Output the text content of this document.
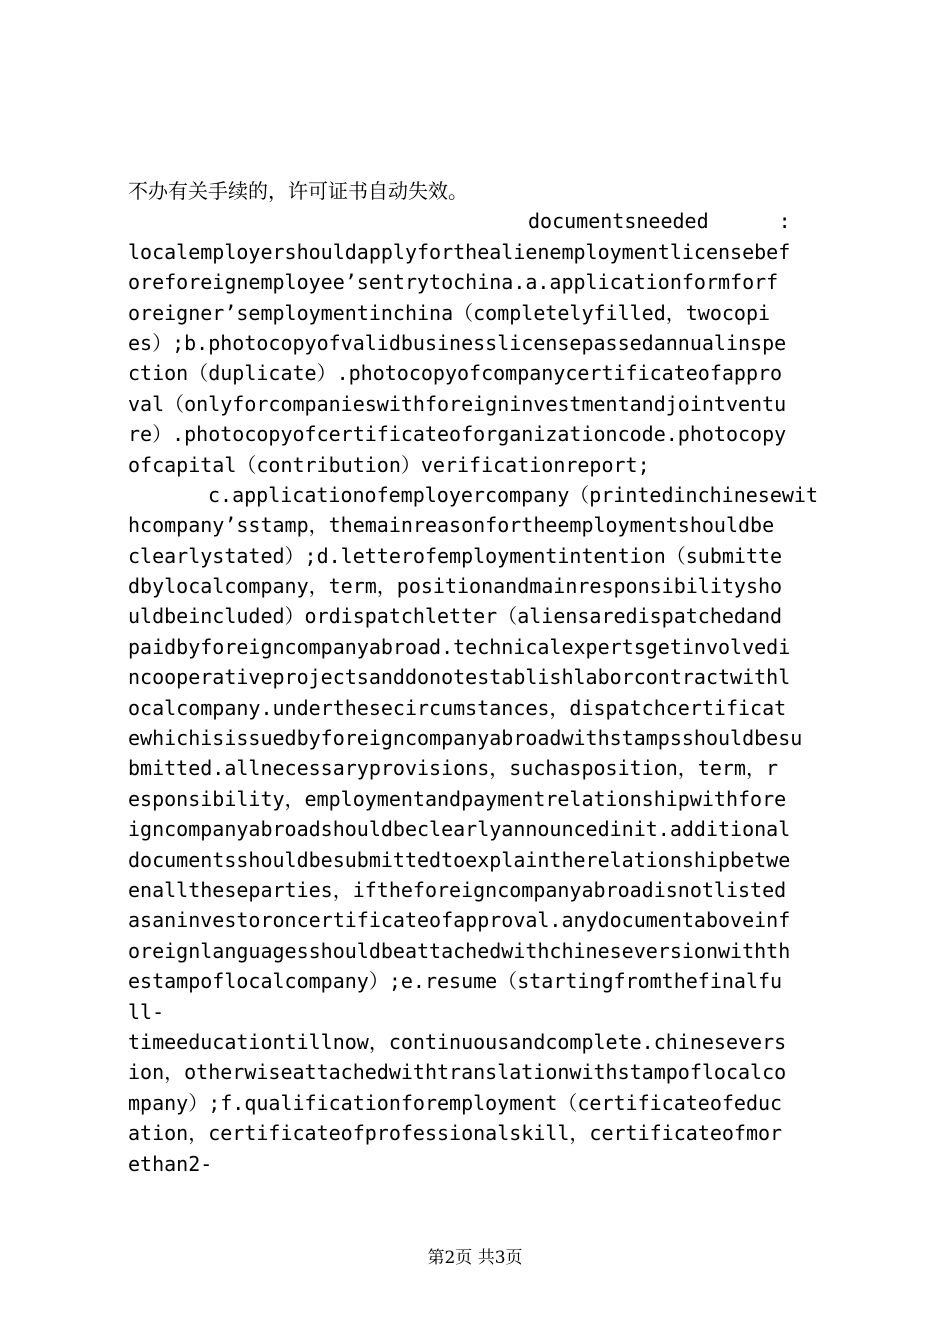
不办有关手续的，许可证书自动失效。
documentsneeded	:
localemployershouldapplyforthealienemploymentlicensebef
oreforeignemployee’sentrytochina.a.applicationformforf
oreigner’semploymentinchina（completelyfilled，twocopi
es）;b.photocopyofvalidbusinesslicensepassedannualinspe
ction（duplicate）.photocopyofcompanycertificateofappro
val（onlyforcompanieswithforeigninvestmentandjointventu
re）.photocopyofcertificateoforganizationcode.photocopy
ofcapital（contribution）verificationreport;
c.applicationofemployercompany（printedinchinesewit
hcompany’sstamp，themainreasonfortheemploymentshouldbe
clearlystated）;d.letterofemploymentintention（submitte
dbylocalcompany，term，positionandmainresponsibilitysho
uldbeincluded）ordispatchletter（aliensaredispatchedand
paidbyforeigncompanyabroad.technicalexpertsgetinvolvedi
ncooperativeprojectsanddonotestablishlaborcontractwithl
ocalcompany.underthesecircumstances，dispatchcertificat
ewhichisissuedbyforeigncompanyabroadwithstampsshouldbesu
bmitted.allnecessaryprovisions，suchasposition，term，r
esponsibility，employmentandpaymentrelationshipwithfore
igncompanyabroadshouldbeclearlyannouncedinit.additional
documentsshouldbesubmittedtoexplaintherelationshipbetwe
enalltheseparties，iftheforeigncompanyabroadisnotlisted
asaninvestoroncertificateofapproval.anydocumentaboveinf
oreignlanguagesshouldbeattachedwithchineseversionwithth
estampoflocalcompany）;e.resume（startingfromthefinalfu
ll-
timeeducationtillnow，continuousandcomplete.chinesevers
ion，otherwiseattachedwithtranslationwithstampoflocalco
mpany）;f.qualificationforemployment（certificateofeduc
ation，certificateofprofessionalskill，certificateofmor
ethan2-
第2页 共3页
